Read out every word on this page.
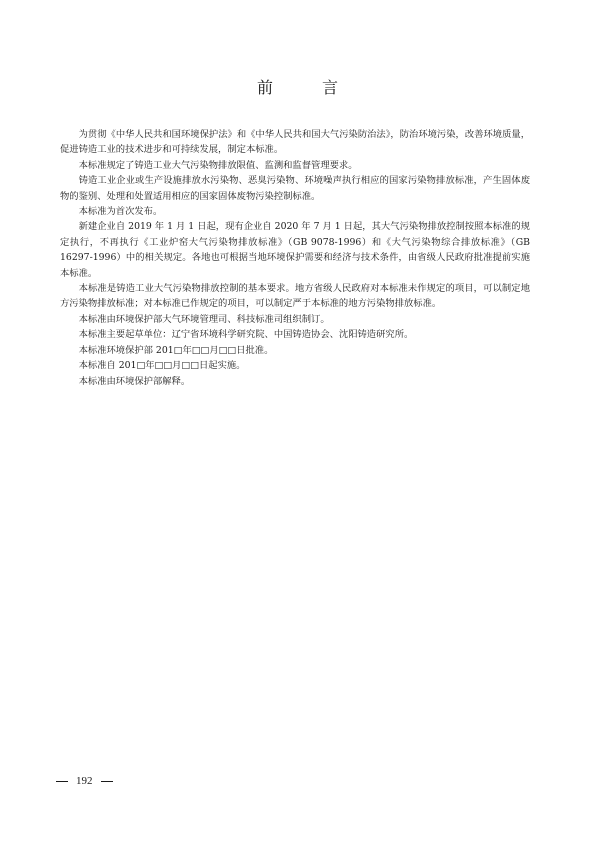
前 言

为贯彻《中华人民共和国环境保护法》和《中华人民共和国大气污染防治法》，防治环境污染，改善环境质量，促进铸造工业的技术进步和可持续发展，制定本标准。

本标准规定了铸造工业大气污染物排放限值、监测和监督管理要求。

铸造工业企业或生产设施排放水污染物、恶臭污染物、环境噪声执行相应的国家污染物排放标准，产生固体废物的鉴别、处理和处置适用相应的国家固体废物污染控制标准。

本标准为首次发布。

新建企业自 2019 年 1 月 1 日起，现有企业自 2020 年 7 月 1 日起，其大气污染物排放控制按照本标准的规定执行，不再执行《工业炉窑大气污染物排放标准》（GB 9078-1996）和《大气污染物综合排放标准》（GB 16297-1996）中的相关规定。各地也可根据当地环境保护需要和经济与技术条件，由省级人民政府批准提前实施本标准。

本标准是铸造工业大气污染物排放控制的基本要求。地方省级人民政府对本标准未作规定的项目，可以制定地方污染物排放标准；对本标准已作规定的项目，可以制定严于本标准的地方污染物排放标准。

本标准由环境保护部大气环境管理司、科技标准司组织制订。

本标准主要起草单位：辽宁省环境科学研究院、中国铸造协会、沈阳铸造研究所。

本标准环境保护部 201□年□□月□□日批准。

本标准自 201□年□□月□□日起实施。

本标准由环境保护部解释。

192
